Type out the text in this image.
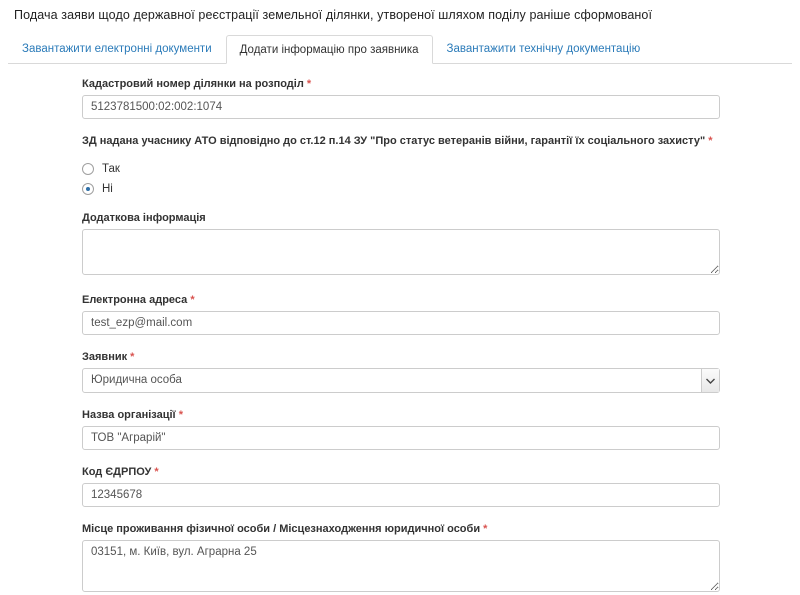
Подача заяви щодо державної реєстрації земельної ділянки, утвореної шляхом поділу раніше сформованої
Завантажити електронні документи	Додати інформацію про заявника	Завантажити технічну документацію
Кадастровий номер ділянки на розподіл *
5123781500:02:002:1074
ЗД надана учаснику АТО відповідно до ст.12 п.14 ЗУ "Про статус ветеранів війни, гарантії їх соціального захисту" *
Так
Ні
Додаткова інформація
Електронна адреса *
test_ezp@mail.com
Заявник *
Юридична особа
Назва організації *
ТОВ "Аграрій"
Код ЄДРПОУ *
12345678
Місце проживання фізичної особи / Місцезнаходження юридичної особи *
03151, м. Київ, вул. Аграрна 25
